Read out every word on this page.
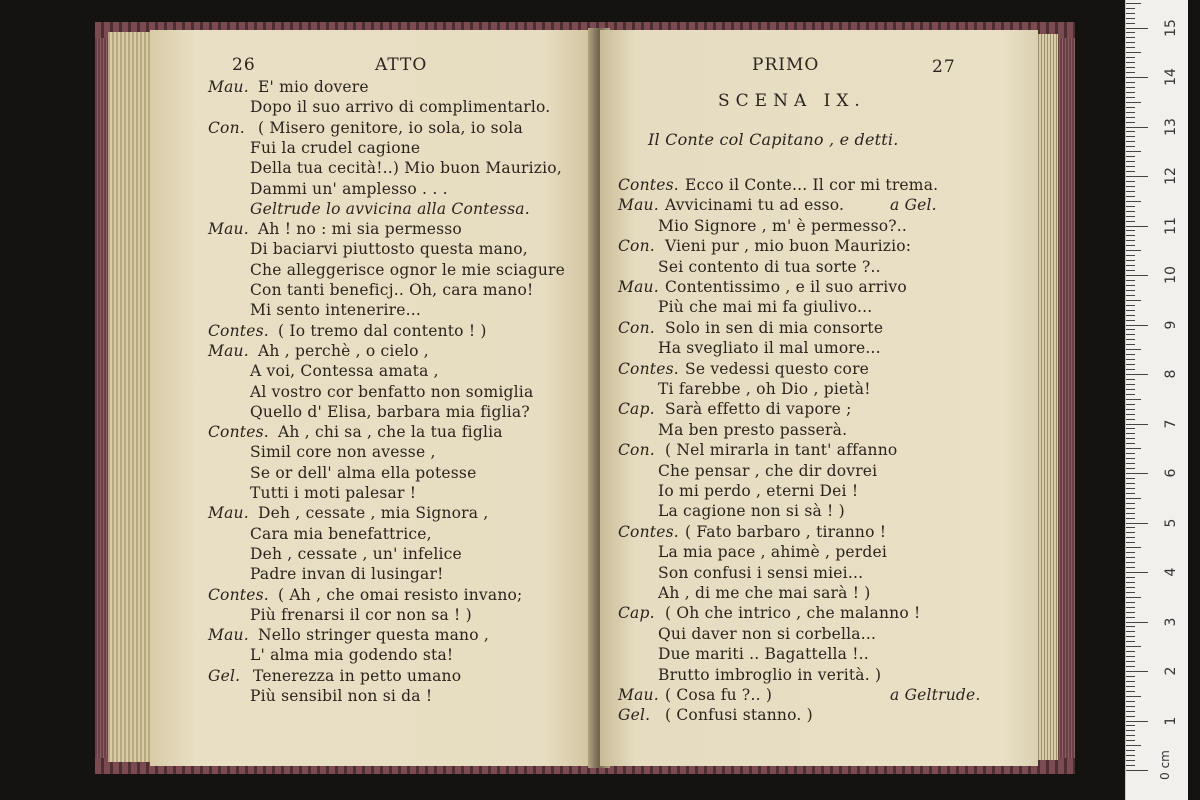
26	ATTO
Mau. E' mio dovere
Dopo il suo arrivo di complimentarlo.
Con. ( Misero genitore, io sola, io sola
Fui la crudel cagione
Della tua cecità!..) Mio buon Maurizio,
Dammi un' amplesso . . .
Geltrude lo avvicina alla Contessa.
Mau. Ah ! no : mi sia permesso
Di baciarvi piuttosto questa mano,
Che alleggerisce ognor le mie sciagure
Con tanti beneficj.. Oh, cara mano!
Mi sento intenerire...
Contes. ( Io tremo dal contento ! )
Mau. Ah , perchè , o cielo ,
A voi, Contessa amata ,
Al vostro cor benfatto non somiglia
Quello d' Elisa, barbara mia figlia?
Contes. Ah , chi sa , che la tua figlia
Simil core non avesse ,
Se or dell' alma ella potesse
Tutti i moti palesar !
Mau. Deh , cessate , mia Signora ,
Cara mia benefattrice,
Deh , cessate , un' infelice
Padre invan di lusingar!
Contes. ( Ah , che omai resisto invano;
Più frenarsi il cor non sa ! )
Mau. Nello stringer questa mano ,
L' alma mia godendo sta!
Gel. Tenerezza in petto umano
Più sensibil non si da !
PRIMO	27
SCENA IX.
Il Conte col Capitano , e detti.
Contes. Ecco il Conte... Il cor mi trema.
Mau. Avvicinami tu ad esso.	a Gel.
Mio Signore , m' è permesso?..
Con. Vieni pur , mio buon Maurizio:
Sei contento di tua sorte ?..
Mau. Contentissimo , e il suo arrivo
Più che mai mi fa giulivo...
Con. Solo in sen di mia consorte
Ha svegliato il mal umore...
Contes. Se vedessi questo core
Ti farebbe , oh Dio , pietà!
Cap. Sarà effetto di vapore ;
Ma ben presto passerà.
Con. ( Nel mirarla in tant' affanno
Che pensar , che dir dovrei
Io mi perdo , eterni Dei !
La cagione non si sà ! )
Contes. ( Fato barbaro , tiranno !
La mia pace , ahimè , perdei
Son confusi i sensi miei...
Ah , di me che mai sarà ! )
Cap. ( Oh che intrico , che malanno !
Qui daver non si corbella...
Due mariti .. Bagattella !..
Brutto imbroglio in verità. )
Mau. ( Cosa fu ?.. )	a Geltrude.
Gel. ( Confusi stanno. )	1
2
3
4
5
6
7
8
9
10
11
12
13
14
15
0 cm
